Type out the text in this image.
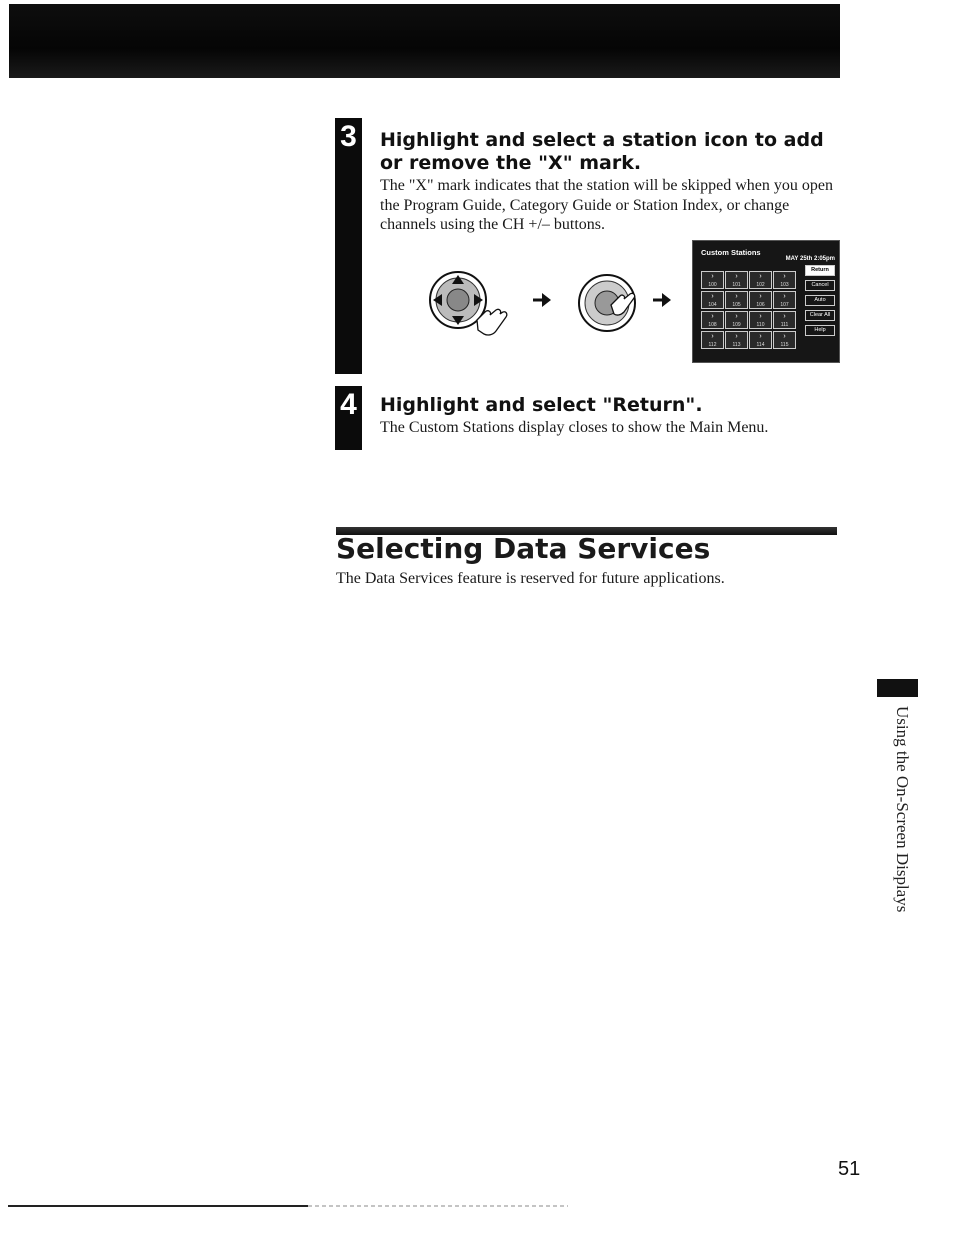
3 Highlight and select a station icon to add or remove the "X" mark.
The "X" mark indicates that the station will be skipped when you open the Program Guide, Category Guide or Station Index, or change channels using the CH +/– buttons.
Custom Stations
MAY 25th 2:05pm
›
100
›
101
›
102
›
103
›
104
›
105
›
106
›
107
›
108
›
109
›
110
›
111
›
112
›
113
›
114
›
115
Return
Cancel
Auto
Clear All
Help
4 Highlight and select "Return".
The Custom Stations display closes to show the Main Menu.
Selecting Data Services
The Data Services feature is reserved for future applications.
Using the On-Screen Displays
51
